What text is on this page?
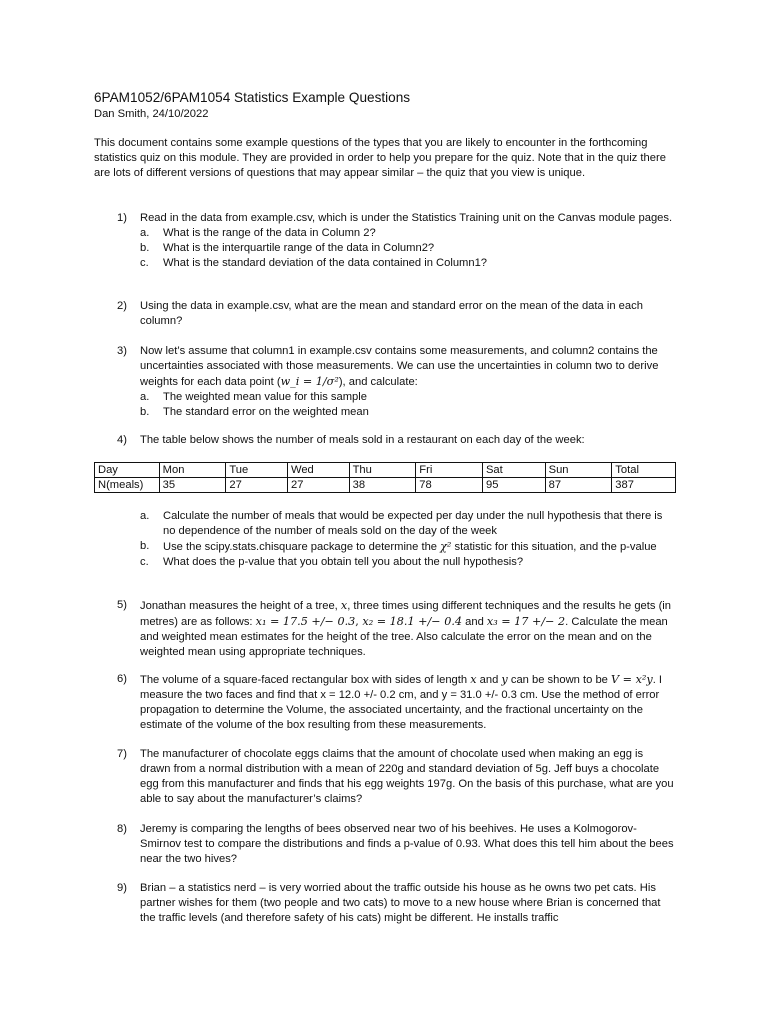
6PAM1052/6PAM1054 Statistics Example Questions

Dan Smith, 24/10/2022

This document contains some example questions of the types that you are likely to encounter in the forthcoming statistics quiz on this module. They are provided in order to help you prepare for the quiz. Note that in the quiz there are lots of different versions of questions that may appear similar – the quiz that you view is unique.

1)	Read in the data from example.csv, which is under the Statistics Training unit on the Canvas module pages.
a. What is the range of the data in Column 2?
b. What is the interquartile range of the data in Column2?
c. What is the standard deviation of the data contained in Column1?
2)	Using the data in example.csv, what are the mean and standard error on the mean of the data in each column?
3)	Now let’s assume that column1 in example.csv contains some measurements, and column2 contains the uncertainties associated with those measurements. We can use the uncertainties in column two to derive weights for each data point (w_i = 1/σ²), and calculate:
a. The weighted mean value for this sample
b. The standard error on the weighted mean
4)	The table below shows the number of meals sold in a restaurant on each day of the week:
Day	Mon	Tue	Wed	Thu	Fri	Sat	Sun	Total
N(meals)	35	27	27	38	78	95	87	387
a. Calculate the number of meals that would be expected per day under the null hypothesis that there is no dependence of the number of meals sold on the day of the week
b. Use the scipy.stats.chisquare package to determine the χ² statistic for this situation, and the p-value
c. What does the p-value that you obtain tell you about the null hypothesis?
5)	Jonathan measures the height of a tree, x, three times using different techniques and the results he gets (in metres) are as follows: x₁ = 17.5 +/− 0.3, x₂ = 18.1 +/− 0.4 and x₃ = 17 +/− 2. Calculate the mean and weighted mean estimates for the height of the tree. Also calculate the error on the mean and on the weighted mean using appropriate techniques.
6)	The volume of a square-faced rectangular box with sides of length x and y can be shown to be V = x²y. I measure the two faces and find that x = 12.0 +/- 0.2 cm, and y = 31.0 +/- 0.3 cm. Use the method of error propagation to determine the Volume, the associated uncertainty, and the fractional uncertainty on the estimate of the volume of the box resulting from these measurements.
7)	The manufacturer of chocolate eggs claims that the amount of chocolate used when making an egg is drawn from a normal distribution with a mean of 220g and standard deviation of 5g. Jeff buys a chocolate egg from this manufacturer and finds that his egg weights 197g. On the basis of this purchase, what are you able to say about the manufacturer’s claims?
8)	Jeremy is comparing the lengths of bees observed near two of his beehives. He uses a Kolmogorov-Smirnov test to compare the distributions and finds a p-value of 0.93. What does this tell him about the bees near the two hives?
9)	Brian – a statistics nerd – is very worried about the traffic outside his house as he owns two pet cats. His partner wishes for them (two people and two cats) to move to a new house where Brian is concerned that the traffic levels (and therefore safety of his cats) might be different. He installs traffic
